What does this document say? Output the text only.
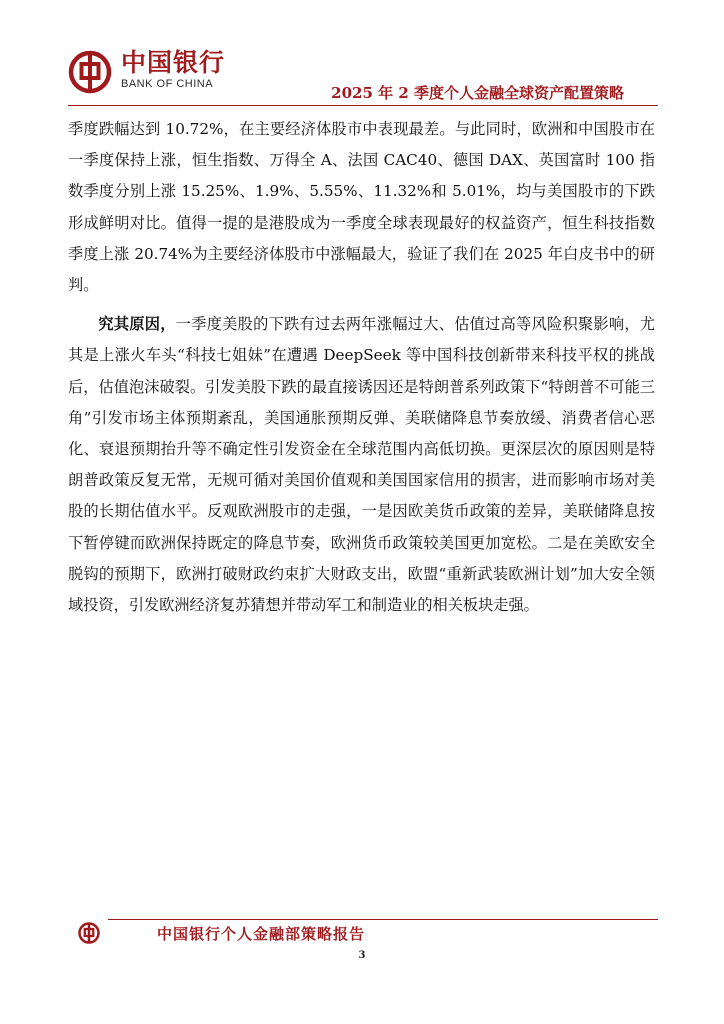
中国银行
BANK OF CHINA	2025 年 2 季度个人金融全球资产配置策略

季度跌幅达到 10.72%，在主要经济体股市中表现最差。与此同时，欧洲和中国股市在一季度保持上涨，恒生指数、万得全 A、法国 CAC40、德国 DAX、英国富时 100 指数季度分别上涨 15.25%、1.9%、5.55%、11.32%和 5.01%，均与美国股市的下跌形成鲜明对比。值得一提的是港股成为一季度全球表现最好的权益资产，恒生科技指数季度上涨 20.74%为主要经济体股市中涨幅最大，验证了我们在 2025 年白皮书中的研判。

究其原因，一季度美股的下跌有过去两年涨幅过大、估值过高等风险积聚影响，尤其是上涨火车头“科技七姐妹”在遭遇 DeepSeek 等中国科技创新带来科技平权的挑战后，估值泡沫破裂。引发美股下跌的最直接诱因还是特朗普系列政策下“特朗普不可能三角”引发市场主体预期紊乱，美国通胀预期反弹、美联储降息节奏放缓、消费者信心恶化、衰退预期抬升等不确定性引发资金在全球范围内高低切换。更深层次的原因则是特朗普政策反复无常，无规可循对美国价值观和美国国家信用的损害，进而影响市场对美股的长期估值水平。反观欧洲股市的走强，一是因欧美货币政策的差异，美联储降息按下暂停键而欧洲保持既定的降息节奏，欧洲货币政策较美国更加宽松。二是在美欧安全脱钩的预期下，欧洲打破财政约束扩大财政支出，欧盟“重新武装欧洲计划”加大安全领域投资，引发欧洲经济复苏猜想并带动军工和制造业的相关板块走强。

中国银行个人金融部策略报告
3
